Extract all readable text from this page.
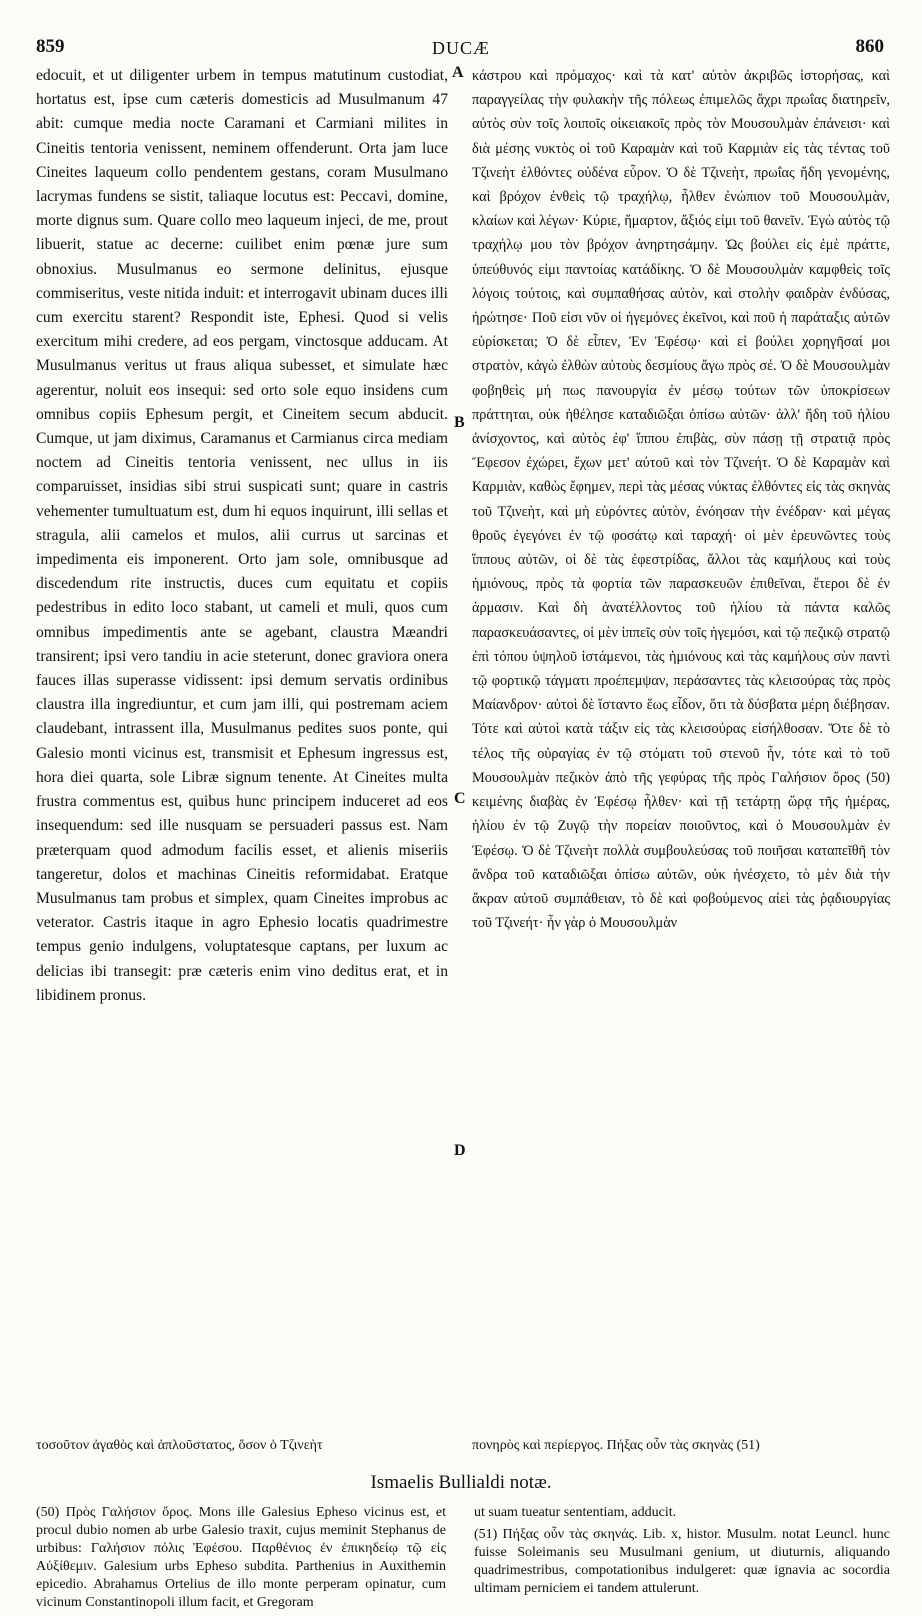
859	DUCÆ	860

edocuit, et ut diligenter urbem in tempus matutinum custodiat, hortatus est, ipse cum cæteris domesticis ad Musulmanum 47 abit: cumque media nocte Caramani et Carmiani milites in Cineitis tentoria venissent, neminem offenderunt. Orta jam luce Cineites laqueum collo pendentem gestans, coram Musulmano lacrymas fundens se sistit, taliaque locutus est: Peccavi, domine, morte dignus sum. Quare collo meo laqueum injeci, de me, prout libuerit, statue ac decerne: cuilibet enim pœnæ jure sum obnoxius. Musulmanus eo sermone delinitus, ejusque commiseritus, veste nitida induit: et interrogavit ubinam duces illi cum exercitu starent? Respondit iste, Ephesi. Quod si velis exercitum mihi credere, ad eos pergam, vinctosque adducam. At Musulmanus veritus ut fraus aliqua subesset, et simulate hæc agerentur, noluit eos insequi: sed orto sole equo insidens cum omnibus copiis Ephesum pergit, et Cineitem secum abducit. Cumque, ut jam diximus, Caramanus et Carmianus circa mediam noctem ad Cineitis tentoria venissent, nec ullus in iis comparuisset, insidias sibi strui suspicati sunt; quare in castris vehementer tumultuatum est, dum hi equos inquirunt, illi sellas et stragula, alii camelos et mulos, alii currus ut sarcinas et impedimenta eis imponerent. Orto jam sole, omnibusque ad discedendum rite instructis, duces cum equitatu et copiis pedestribus in edito loco stabant, ut cameli et muli, quos cum omnibus impedimentis ante se agebant, claustra Mæandri transirent; ipsi vero tandiu in acie steterunt, donec graviora onera fauces illas superasse vidissent: ipsi demum servatis ordinibus claustra illa ingrediuntur, et cum jam illi, qui postremam aciem claudebant, intrassent illa, Musulmanus pedites suos ponte, qui Galesio monti vicinus est, transmisit et Ephesum ingressus est, hora diei quarta, sole Libræ signum tenente. At Cineites multa frustra commentus est, quibus hunc principem induceret ad eos insequendum: sed ille nusquam se persuaderi passus est. Nam præterquam quod admodum facilis esset, et alienis miseriis tangeretur, dolos et machinas Cineitis reformidabat. Eratque Musulmanus tam probus et simplex, quam Cineites improbus ac veterator. Castris itaque in agro Ephesio locatis quadrimestre tempus genio indulgens, voluptatesque captans, per luxum ac delicias ibi transegit: præ cæteris enim vino deditus erat, et in libidinem pronus.

A
B
C
D

κάστρου καὶ πρόμαχος· καὶ τὰ κατ' αὐτὸν ἀκριβῶς ἱστορήσας, καὶ παραγγείλας τὴν φυλακὴν τῆς πόλεως ἐπιμελῶς ἄχρι πρωΐας διατηρεῖν, αὐτὸς σὺν τοῖς λοιποῖς οἰκειακοῖς πρὸς τὸν Μουσουλμὰν ἐπάνεισι· καὶ διὰ μέσης νυκτὸς οἱ τοῦ Καραμὰν καὶ τοῦ Καρμιὰν εἰς τὰς τέντας τοῦ Τζινεὴτ ἐλθόντες οὐδένα εὗρον. Ὁ δὲ Τζινεὴτ, πρωΐας ἤδη γενομένης, καὶ βρόχον ἐνθεὶς τῷ τραχήλῳ, ἦλθεν ἐνώπιον τοῦ Μουσουλμὰν, κλαίων καὶ λέγων· Κύριε, ἥμαρτον, ἄξιός εἰμι τοῦ θανεῖν. Ἐγὼ αὐτὸς τῷ τραχήλῳ μου τὸν βρόχον ἀνηρτησάμην. Ὡς βούλει εἰς ἐμὲ πράττε, ὑπεύθυνός εἰμι παντοίας κατάδίκης. Ὁ δὲ Μουσουλμὰν καμφθεὶς τοῖς λόγοις τούτοις, καὶ συμπαθήσας αὐτὸν, καὶ στολὴν φαιδρὰν ἐνδύσας, ἠρώτησε· Ποῦ εἰσι νῦν οἱ ἡγεμόνες ἐκεῖνοι, καὶ ποῦ ἡ παράταξις αὐτῶν εὑρίσκεται; Ὁ δὲ εἶπεν, Ἐν Ἐφέσῳ· καὶ εἰ βούλει χορηγῆσαί μοι στρατὸν, κἀγὼ ἐλθὼν αὐτοὺς δεσμίους ἄγω πρὸς σέ. Ὁ δὲ Μουσουλμὰν φοβηθεὶς μή πως πανουργία ἐν μέσῳ τούτων τῶν ὑποκρίσεων πράττηται, οὐκ ἠθέλησε καταδιῶξαι ὀπίσω αὐτῶν· ἀλλ' ἤδη τοῦ ἡλίου ἀνίσχοντος, καὶ αὐτὸς ἐφ' ἵππου ἐπιβὰς, σὺν πάσῃ τῇ στρατιᾷ πρὸς Ἔφεσον ἐχώρει, ἔχων μετ' αὐτοῦ καὶ τὸν Τζινεήτ. Ὁ δὲ Καραμὰν καὶ Καρμιὰν, καθὼς ἔφημεν, περὶ τὰς μέσας νύκτας ἐλθόντες εἰς τὰς σκηνὰς τοῦ Τζινεὴτ, καὶ μὴ εὑρόντες αὐτὸν, ἐνόησαν τὴν ἐνέδραν· καὶ μέγας θροῦς ἐγεγόνει ἐν τῷ φοσάτῳ καὶ ταραχή· οἱ μὲν ἐρευνῶντες τοὺς ἵππους αὐτῶν, οἱ δὲ τὰς ἐφεστρίδας, ἄλλοι τὰς καμήλους καὶ τοὺς ἡμιόνους, πρὸς τὰ φορτία τῶν παρασκευῶν ἐπιθεῖναι, ἕτεροι δὲ ἐν ἁρμασιν. Καὶ δὴ ἀνατέλλοντος τοῦ ἡλίου τὰ πάντα καλῶς παρασκευάσαντες, οἱ μὲν ἱππεῖς σὺν τοῖς ἡγεμόσι, καὶ τῷ πεζικῷ στρατῷ ἐπὶ τόπου ὑψηλοῦ ἱστάμενοι, τὰς ἡμιόνους καὶ τὰς καμήλους σὺν παντὶ τῷ φορτικῷ τάγματι προέπεμψαν, περάσαντες τὰς κλεισούρας τὰς πρὸς Μαίανδρον· αὐτοὶ δὲ ἵσταντο ἕως εἶδον, ὅτι τὰ δύσβατα μέρη διέβησαν. Τότε καὶ αὐτοὶ κατὰ τάξιν εἰς τὰς κλεισούρας εἰσήλθοσαν. Ὅτε δὲ τὸ τέλος τῆς οὐραγίας ἐν τῷ στόματι τοῦ στενοῦ ἦν, τότε καὶ τὸ τοῦ Μουσουλμὰν πεζικὸν ἀπὸ τῆς γεφύρας τῆς πρὸς Γαλήσιον ὄρος (50) κειμένης διαβὰς ἐν Ἐφέσῳ ἦλθεν· καὶ τῇ τετάρτῃ ὥρᾳ τῆς ἡμέρας, ἡλίου ἐν τῷ Ζυγῷ τὴν πορείαν ποιοῦντος, καὶ ὁ Μουσουλμὰν ἐν Ἐφέσῳ. Ὁ δὲ Τζινεὴτ πολλὰ συμβουλεύσας τοῦ ποιῆσαι καταπεῖθῆ τὸν ἄνδρα τοῦ καταδιῶξαι ὀπίσω αὐτῶν, οὐκ ἠνέσχετο, τὸ μὲν διὰ τὴν ἄκραν αὐτοῦ συμπάθειαν, τὸ δὲ καὶ φοβούμενος αἰεὶ τὰς ῥᾳδιουργίας τοῦ Τζινεήτ· ἦν γὰρ ὁ Μουσουλμὰν

τοσοῦτον ἀγαθὸς καὶ ἁπλοῦστατος, ὅσον ὁ Τζινεὴτ	πονηρὸς καὶ περίεργος. Πήξας οὖν τὰς σκηνὰς (51)
Ismaelis Bullialdi notæ.

(50) Πρὸς Γαλήσιον ὄρος. Mons ille Galesius Epheso vicinus est, et procul dubio nomen ab urbe Galesio traxit, cujus meminit Stephanus de urbibus: Γαλήσιον πόλις Ἐφέσου. Παρθένιος ἐν ἐπικηδείῳ τῷ εἰς Αὐξίθεμιν. Galesium urbs Epheso subdita. Parthenius in Auxithemin epicedio. Abrahamus Ortelius de illo monte perperam opinatur, cum vicinum Constantinopoli illum facit, et Gregoram

ut suam tueatur sententiam, adducit.

(51) Πήξας οὖν τὰς σκηνάς. Lib. x, histor. Musulm. notat Leuncl. hunc fuisse Soleimanis seu Musulmani genium, ut diuturnis, aliquando quadrimestribus, compotationibus indulgeret: quæ ignavia ac socordia ultimam perniciem ei tandem attulerunt.
